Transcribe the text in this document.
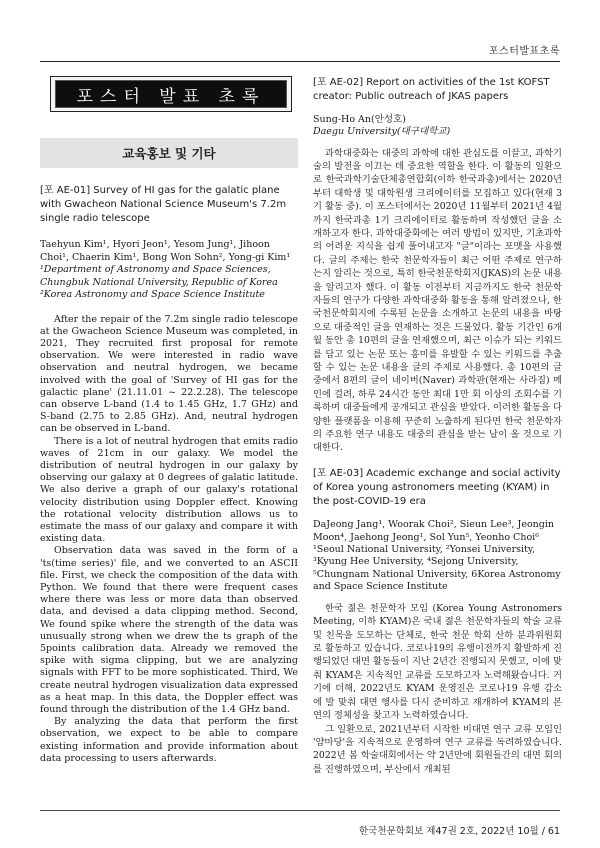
포스터발표초록
포스터 발표 초록
교육홍보 및 기타

[포 AE-01] Survey of HI gas for the galatic plane with Gwacheon National Science Museum's 7.2m single radio telescope

Taehyun Kim¹, Hyori Jeon¹, Yesom Jung¹, Jihoon Choi¹, Chaerin Kim¹, Bong Won Sohn², Yong-gi Kim¹
¹Department of Astronomy and Space Sciences, Chungbuk National University, Republic of Korea
²Korea Astronomy and Space Science Institute

After the repair of the 7.2m single radio telescope at the Gwacheon Science Museum was completed, in 2021, They recruited first proposal for remote observation. We were interested in radio wave observation and neutral hydrogen, we became involved with the goal of 'Survey of HI gas for the galactic plane' (21.11.01 ~ 22.2.28). The telescope can observe L-band (1.4 to 1.45 GHz, 1.7 GHz) and S-band (2.75 to 2.85 GHz). And, neutral hydrogen can be observed in L-band.

There is a lot of neutral hydrogen that emits radio waves of 21cm in our galaxy. We model the distribution of neutral hydrogen in our galaxy by observing our galaxy at 0 degrees of galatic latitude. We also derive a graph of our galaxy's rotational velocity distribution using Doppler effect. Knowing the rotational velocity distribution allows us to estimate the mass of our galaxy and compare it with existing data.

Observation data was saved in the form of a 'ts(time series)' file, and we converted to an ASCII file. First, we check the composition of the data with Python. We found that there were frequent cases where there was less or more data than observed data, and devised a data clipping method. Second, We found spike where the strength of the data was unusually strong when we drew the ts graph of the 5points calibration data. Already we removed the spike with sigma clipping, but we are analyzing signals with FFT to be more sophisticated. Third, We create neutral hydrogen visualization data expressed as a heat map. In this data, the Doppler effect was found through the distribution of the 1.4 GHz band.

By analyzing the data that perform the first observation, we expect to be able to compare existing information and provide information about data processing to users afterwards.

[포 AE-02] Report on activities of the 1st KOFST creator: Public outreach of JKAS papers

Sung-Ho An(안성호)
Daegu University(대구대학교)

과학대중화는 대중의 과학에 대한 관심도를 이끌고, 과학기술의 발전을 이끄는 데 중요한 역할을 한다. 이 활동의 일환으로 한국과학기술단체총연합회(이하 한국과총)에서는 2020년부터 대학생 및 대학원생 크리에이터를 모집하고 있다(현재 3기 활동 중). 이 포스터에서는 2020년 11월부터 2021년 4월까지 한국과총 1기 크리에이터로 활동하며 작성했던 글을 소개하고자 한다. 과학대중화에는 여러 방법이 있지만, 기초과학의 어려운 지식을 쉽게 풀어내고자 "글"이라는 포맷을 사용했다. 글의 주제는 한국 천문학자들이 최근 어떤 주제로 연구하는지 알리는 것으로, 특히 한국천문학회지(JKAS)의 논문 내용을 알리고자 했다. 이 활동 이전부터 지금까지도 한국 천문학자들의 연구가 다양한 과학대중화 활동을 통해 알려졌으나, 한국천문학회지에 수록된 논문을 소개하고 논문의 내용을 바탕으로 대중적인 글을 연재하는 것은 드물었다. 활동 기간인 6개월 동안 총 10편의 글을 연재했으며, 최근 이슈가 되는 키워드를 담고 있는 논문 또는 흥미를 유발할 수 있는 키워드를 추출할 수 있는 논문 내용을 글의 주제로 사용했다. 총 10편의 글 중에서 8편의 글이 네이버(Naver) 과학판(현재는 사라짐) 메인에 걸려, 하루 24시간 동안 최대 1만 회 이상의 조회수를 기록하며 대중들에게 공개되고 관심을 받았다. 이러한 활동을 다양한 플랫폼을 이용해 꾸준히 노출하게 된다면 한국 천문학자의 주요한 연구 내용도 대중의 관심을 받는 날이 올 것으로 기대한다.

[포 AE-03] Academic exchange and social activity of Korea young astronomers meeting (KYAM) in the post-COVID-19 era

DaJeong Jang¹, Woorak Choi², Sieun Lee³, Jeongin Moon⁴, Jaehong Jeong¹, Sol Yun⁵, Yeonho Choi⁶
¹Seoul National University, ²Yonsei University, ³Kyung Hee University, ⁴Sejong University, ⁵Chungnam National University, 6Korea Astronomy and Space Science Institute

한국 젊은 천문학자 모임 (Korea Young Astronomers Meeting, 이하 KYAM)은 국내 젊은 천문학자들의 학술 교류 및 친목을 도모하는 단체로, 한국 천문 학회 산하 분과위원회로 활동하고 있습니다. 코로나19의 유행이전까지 활발하게 진행되었던 대면 활동들이 지난 2년간 진행되지 못했고, 이에 맞춰 KYAM은 지속적인 교류를 도모하고자 노력해왔습니다. 거기에 더해, 2022년도 KYAM 운영진은 코로나19 유행 감소에 발 맞춰 대면 행사를 다시 준비하고 재개하여 KYAM의 본연의 정체성을 찾고자 노력하였습니다.

그 일환으로, 2021년부터 시작한 비대면 연구 교류 모임인 '얌마당'을 지속적으로 운영하여 연구 교류를 독려하였습니다. 2022년 봄 학술대회에서는 약 2년만에 회원들간의 대면 회의를 진행하였으며, 부산에서 개최된

한국천문학회보 제47권 2호, 2022년 10월 / 61
